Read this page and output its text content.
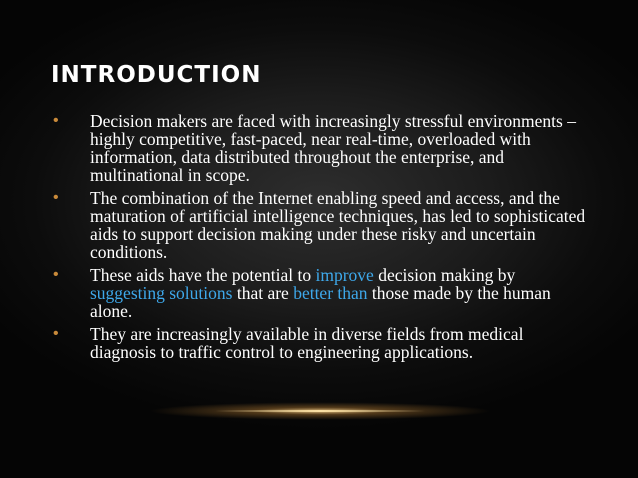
INTRODUCTION
• Decision makers are faced with increasingly stressful environments – highly competitive, fast-paced, near real-time, overloaded with information, data distributed throughout the enterprise, and multinational in scope.
• The combination of the Internet enabling speed and access, and the maturation of artificial intelligence techniques, has led to sophisticated aids to support decision making under these risky and uncertain conditions.
• These aids have the potential to improve decision making by suggesting solutions that are better than those made by the human alone.
• They are increasingly available in diverse fields from medical diagnosis to traffic control to engineering applications.
